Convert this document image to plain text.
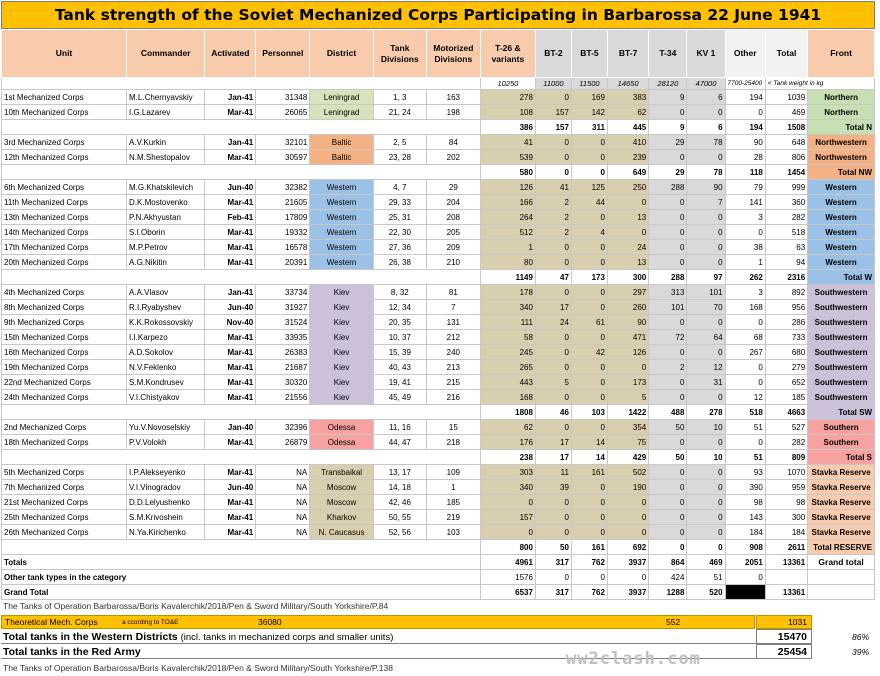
Tank strength of the Soviet Mechanized Corps Participating in Barbarossa 22 June 1941
Unit	Commander	Activated	Personnel	District	Tank Divisions	Motorized Divisions	T-26 & variants	BT-2	BT-5	BT-7	T-34	KV 1	Other	Total	Front
							10250	11000	11500	14650	28120	47000	7700-25400	< Tank weight in kg	
1st Mechanized Corps	M.L.Chernyavskiy	Jan-41	31348	Leningrad	1, 3	163	278	0	169	383	9	6	194	1039	Northern
10th Mechanized Corps	I.G.Lazarev	Mar-41	26065	Leningrad	21, 24	198	108	157	142	62	0	0	0	469	Northern
							386	157	311	445	9	6	194	1508	Total N
3rd Mechanized Corps	A.V.Kurkin	Jan-41	32101	Baltic	2, 5	84	41	0	0	410	29	78	90	648	Northwestern
12th Mechanized Corps	N.M.Shestopalov	Mar-41	30597	Baltic	23, 28	202	539	0	0	239	0	0	28	806	Northwestern
							580	0	0	649	29	78	118	1454	Total NW
6th Mechanized Corps	M.G.Khatskilevich	Jun-40	32382	Western	4, 7	29	126	41	125	250	288	90	79	999	Western
11th Mechanized Corps	D.K.Mostovenko	Mar-41	21605	Western	29, 33	204	166	2	44	0	0	7	141	360	Western
13th Mechanized Corps	P.N.Akhyustan	Feb-41	17809	Western	25, 31	208	264	2	0	13	0	0	3	282	Western
14th Mechanized Corps	S.I.Oborin	Mar-41	19332	Western	22, 30	205	512	2	4	0	0	0	0	518	Western
17th Mechanized Corps	M.P.Petrov	Mar-41	16578	Western	27, 36	209	1	0	0	24	0	0	38	63	Western
20th Mechanized Corps	A.G.Nikitin	Mar-41	20391	Western	26, 38	210	80	0	0	13	0	0	1	94	Western
							1149	47	173	300	288	97	262	2316	Total W
4th Mechanized Corps	A.A.Vlasov	Jan-41	33734	Kiev	8, 32	81	178	0	0	297	313	101	3	892	Southwestern
8th Mechanized Corps	R.I.Ryabyshev	Jun-40	31927	Kiev	12, 34	7	340	17	0	260	101	70	168	956	Southwestern
9th Mechanized Corps	K.K.Rokossovskiy	Nov-40	31524	Kiev	20, 35	131	111	24	61	90	0	0	0	286	Southwestern
15th Mechanized Corps	I.I.Karpezo	Mar-41	33935	Kiev	10, 37	212	58	0	0	471	72	64	68	733	Southwestern
16th Mechanized Corps	A.D.Sokolov	Mar-41	26383	Kiev	15, 39	240	245	0	42	126	0	0	267	680	Southwestern
19th Mechanized Corps	N.V.Feklenko	Mar-41	21687	Kiev	40, 43	213	265	0	0	0	2	12	0	279	Southwestern
22nd Mechanized Corps	S.M.Kondrusev	Mar-41	30320	Kiev	19, 41	215	443	5	0	173	0	31	0	652	Southwestern
24th Mechanized Corps	V.I.Chistyakov	Mar-41	21556	Kiev	45, 49	216	168	0	0	5	0	0	12	185	Southwestern
							1808	46	103	1422	488	278	518	4663	Total SW
2nd Mechanized Corps	Yu.V.Novoselskiy	Jan-40	32396	Odessa	11, 16	15	62	0	0	354	50	10	51	527	Southern
18th Mechanized Corps	P.V.Volokh	Mar-41	26879	Odessa	44, 47	218	176	17	14	75	0	0	0	282	Southern
							238	17	14	429	50	10	51	809	Total S
5th Mechanized Corps	I.P.Alekseyenko	Mar-41	NA	Transbaikal	13, 17	109	303	11	161	502	0	0	93	1070	Stavka Reserve
7th Mechanized Corps	V.I.Vinogradov	Jun-40	NA	Moscow	14, 18	1	340	39	0	190	0	0	390	959	Stavka Reserve
21st Mechanized Corps	D.D.Lelyushenko	Mar-41	NA	Moscow	42, 46	185	0	0	0	0	0	0	98	98	Stavka Reserve
25th Mechanized Corps	S.M.Krivoshein	Mar-41	NA	Kharkov	50, 55	219	157	0	0	0	0	0	143	300	Stavka Reserve
26th Mechanized Corps	N.Ya.Kirichenko	Mar-41	NA	N. Caucasus	52, 56	103	0	0	0	0	0	0	184	184	Stavka Reserve
							800	50	161	692	0	0	908	2611	Total RESERVE
Totals							4961	317	762	3937	864	469	2051	13361	Grand total
Other tank types in the category							1576	0	0	0	424	51	0		
Grand Total							6537	317	762	3937	1288	520		13361	
The Tanks of Operation Barbarossa/Boris Kavalerchik/2018/Pen & Sword Military/South Yorkshire/P.84
Theoretical Mech. Corps	a ccording to TO&E	36080	552	1031
Total tanks in the Western Districts (incl. tanks in mechanized corps and smaller units)	15470	86%
Total tanks in the Red Army	25454	39%
ww2clash.com
The Tanks of Operation Barbarossa/Boris Kavalerchik/2018/Pen & Sword Military/South Yorkshire/P.138
